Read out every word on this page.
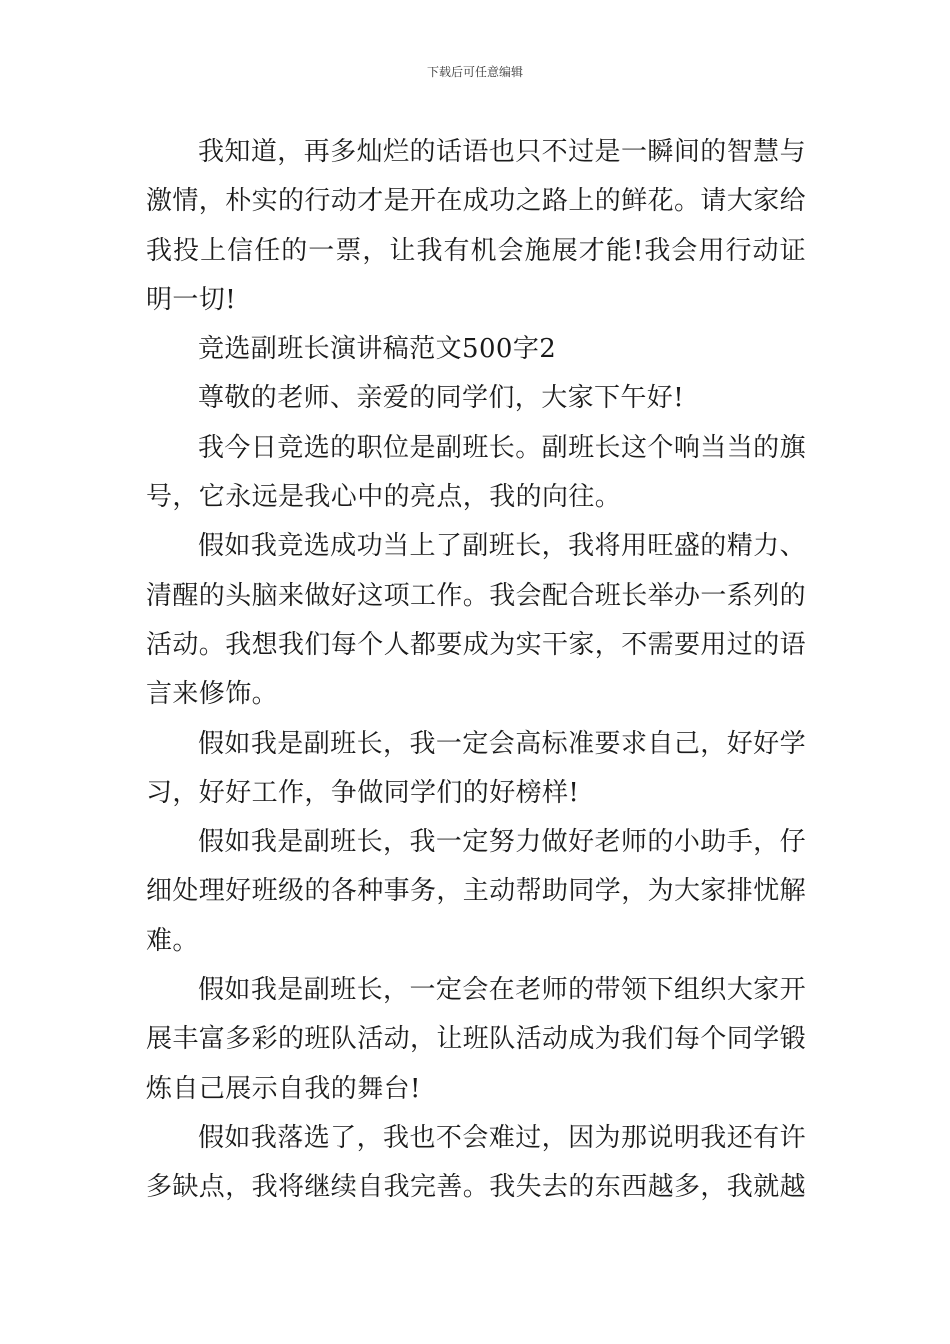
下载后可任意编辑

我知道，再多灿烂的话语也只不过是一瞬间的智慧与激情，朴实的行动才是开在成功之路上的鲜花。请大家给我投上信任的一票，让我有机会施展才能!我会用行动证明一切!

竞选副班长演讲稿范文500字2

尊敬的老师、亲爱的同学们，大家下午好!

我今日竞选的职位是副班长。副班长这个响当当的旗号，它永远是我心中的亮点，我的向往。

假如我竞选成功当上了副班长，我将用旺盛的精力、清醒的头脑来做好这项工作。我会配合班长举办一系列的活动。我想我们每个人都要成为实干家，不需要用过的语言来修饰。

假如我是副班长，我一定会高标准要求自己，好好学习，好好工作，争做同学们的好榜样!

假如我是副班长，我一定努力做好老师的小助手，仔细处理好班级的各种事务，主动帮助同学，为大家排忧解难。

假如我是副班长，一定会在老师的带领下组织大家开展丰富多彩的班队活动，让班队活动成为我们每个同学锻炼自己展示自我的舞台!

假如我落选了，我也不会难过，因为那说明我还有许多缺点，我将继续自我完善。我失去的东西越多，我就越
